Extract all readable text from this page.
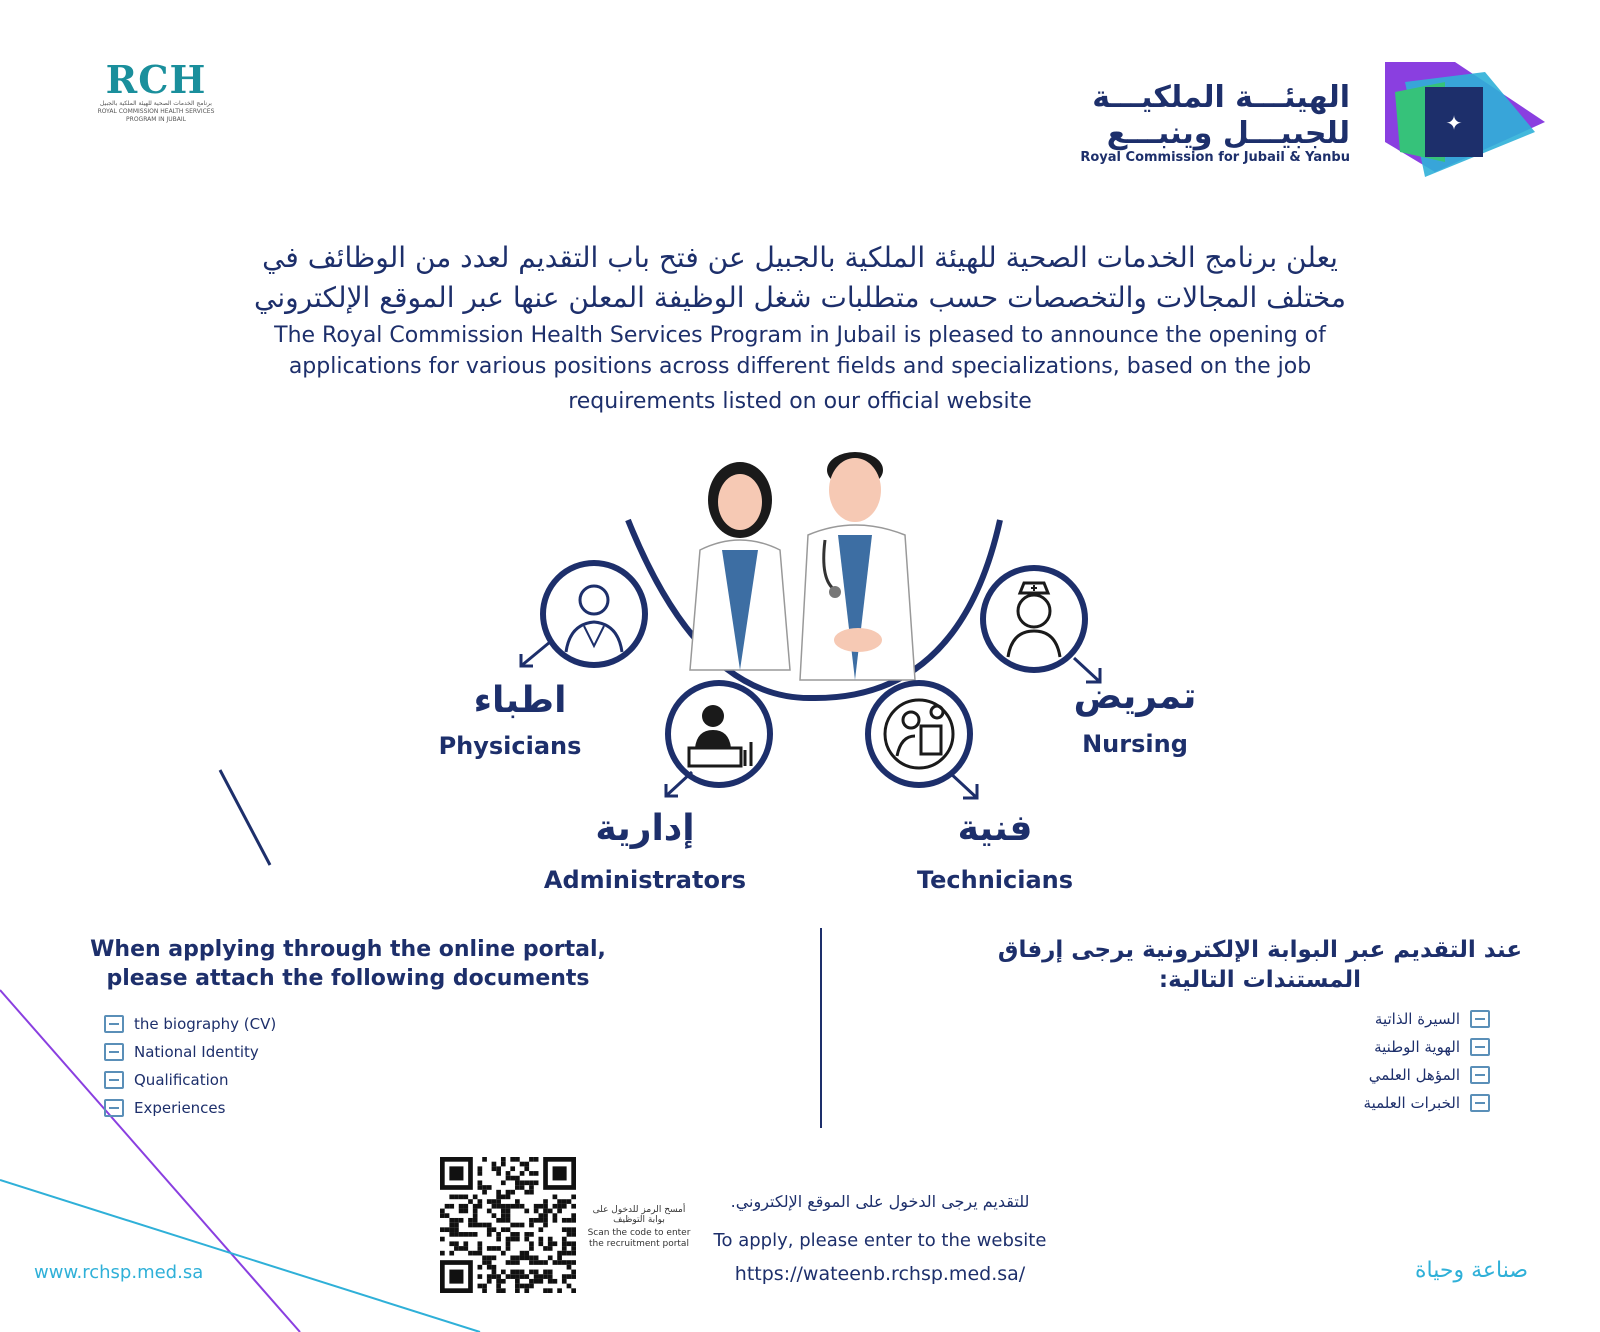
RCH
برنامج الخدمات الصحية للهيئة الملكية بالجبيل
ROYAL COMMISSION HEALTH SERVICES PROGRAM IN JUBAIL
الهيئـــة الملكيـــة
للجبيـــل وينبـــع
Royal Commission for Jubail & Yanbu
✦
يعلن برنامج الخدمات الصحية للهيئة الملكية بالجبيل عن فتح باب التقديم لعدد من الوظائف في
مختلف المجالات والتخصصات حسب متطلبات شغل الوظيفة المعلن عنها عبر الموقع الإلكتروني
The Royal Commission Health Services Program in Jubail is pleased to announce the opening of
applications for various positions across different fields and specializations, based on the job
requirements listed on our official website
اطباء
Physicians
إدارية
Administrators
فنية
Technicians
تمريض
Nursing
When applying through the online portal,
please attach the following documents
the biography (CV)
National Identity
Qualification
Experiences
عند التقديم عبر البوابة الإلكترونية يرجى إرفاق
المستندات التالية:
السيرة الذاتية
الهوية الوطنية
المؤهل العلمي
الخبرات العلمية
أمسح الرمز للدخول على بوابة التوظيف
Scan the code to enter the recruitment portal
للتقديم يرجى الدخول على الموقع الإلكتروني.
To apply, please enter to the website
https://wateenb.rchsp.med.sa/
www.rchsp.med.sa	صناعة وحياة
